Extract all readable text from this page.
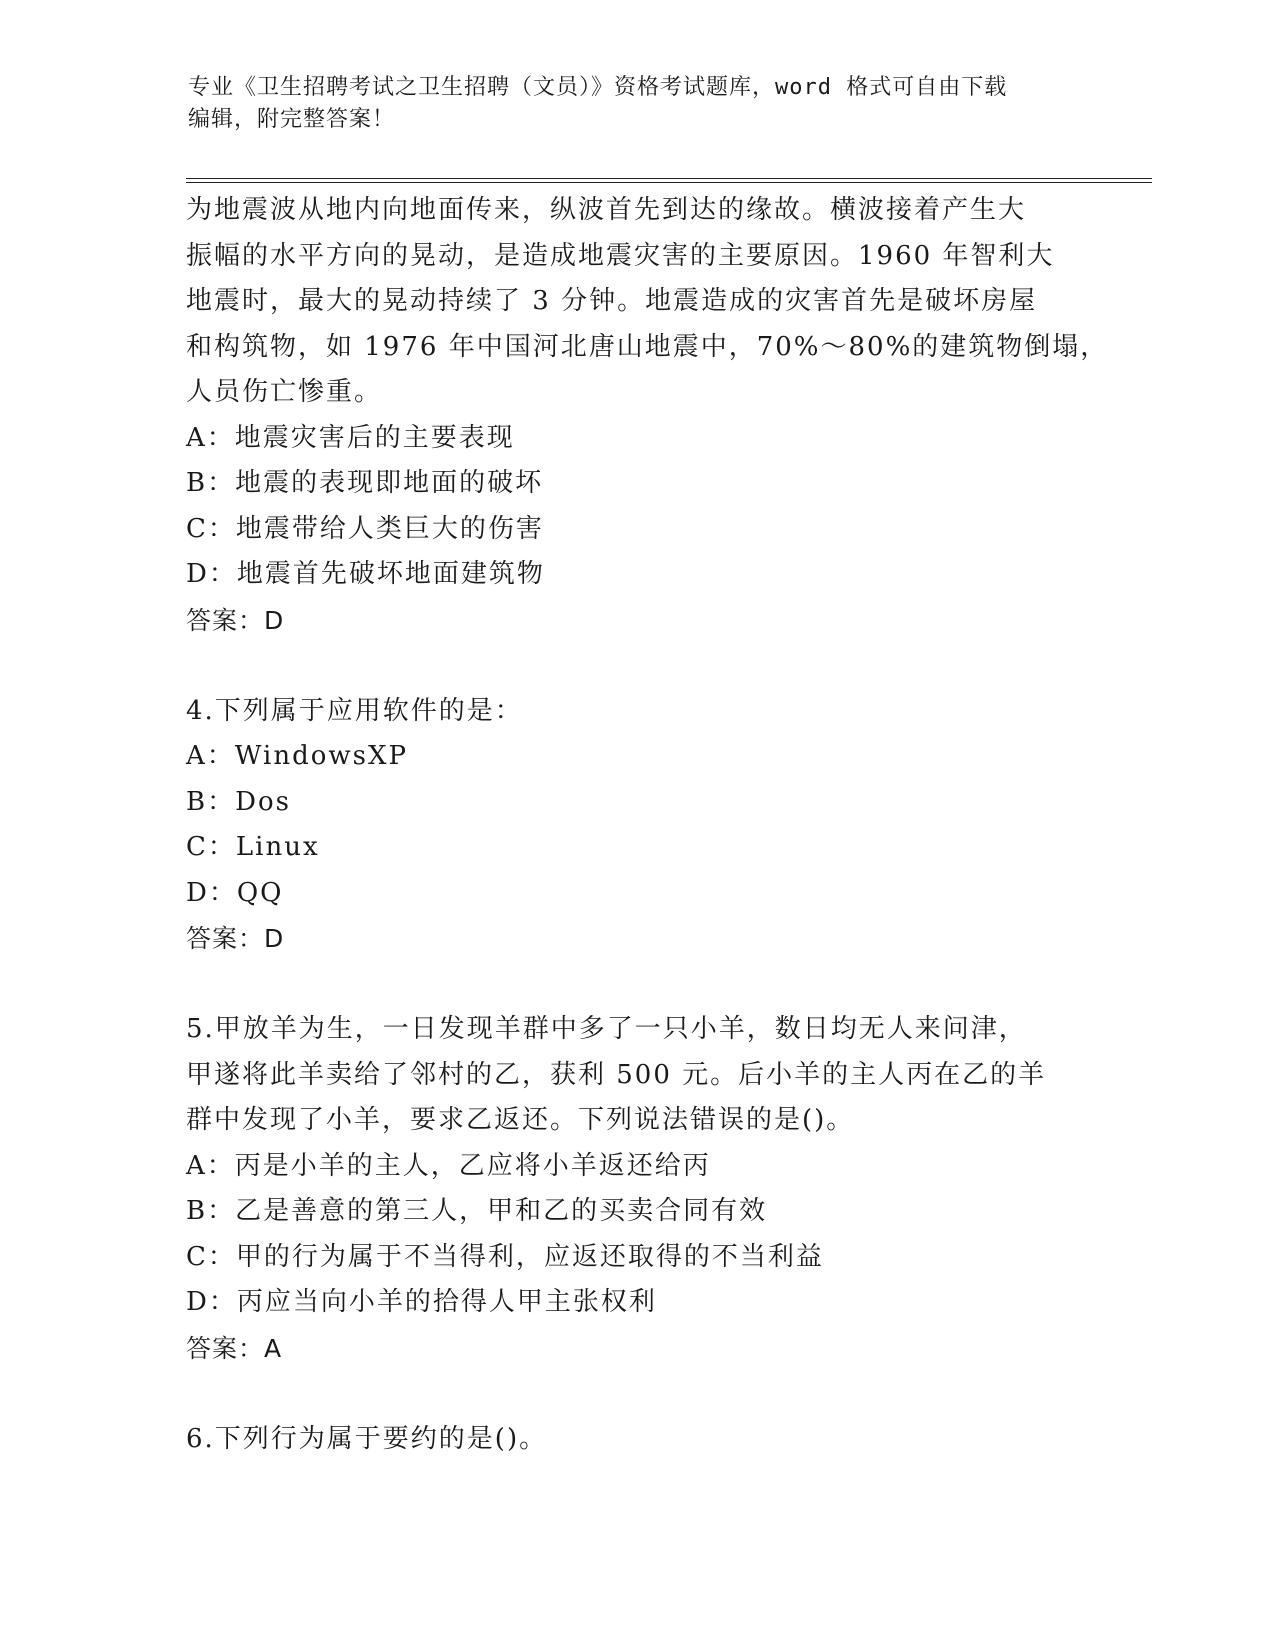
专业《卫生招聘考试之卫生招聘（文员）》资格考试题库，word 格式可自由下载
编辑，附完整答案！
为地震波从地内向地面传来，纵波首先到达的缘故。横波接着产生大
振幅的水平方向的晃动，是造成地震灾害的主要原因。1960 年智利大
地震时，最大的晃动持续了 3 分钟。地震造成的灾害首先是破坏房屋
和构筑物，如 1976 年中国河北唐山地震中，70%～80%的建筑物倒塌，
人员伤亡惨重。
A：地震灾害后的主要表现
B：地震的表现即地面的破坏
C：地震带给人类巨大的伤害
D：地震首先破坏地面建筑物
答案：D
4.下列属于应用软件的是：
A：WindowsXP
B：Dos
C：Linux
D：QQ
答案：D
5.甲放羊为生，一日发现羊群中多了一只小羊，数日均无人来问津，
甲遂将此羊卖给了邻村的乙，获利 500 元。后小羊的主人丙在乙的羊
群中发现了小羊，要求乙返还。下列说法错误的是()。
A：丙是小羊的主人，乙应将小羊返还给丙
B：乙是善意的第三人，甲和乙的买卖合同有效
C：甲的行为属于不当得利，应返还取得的不当利益
D：丙应当向小羊的拾得人甲主张权利
答案：A
6.下列行为属于要约的是()。
